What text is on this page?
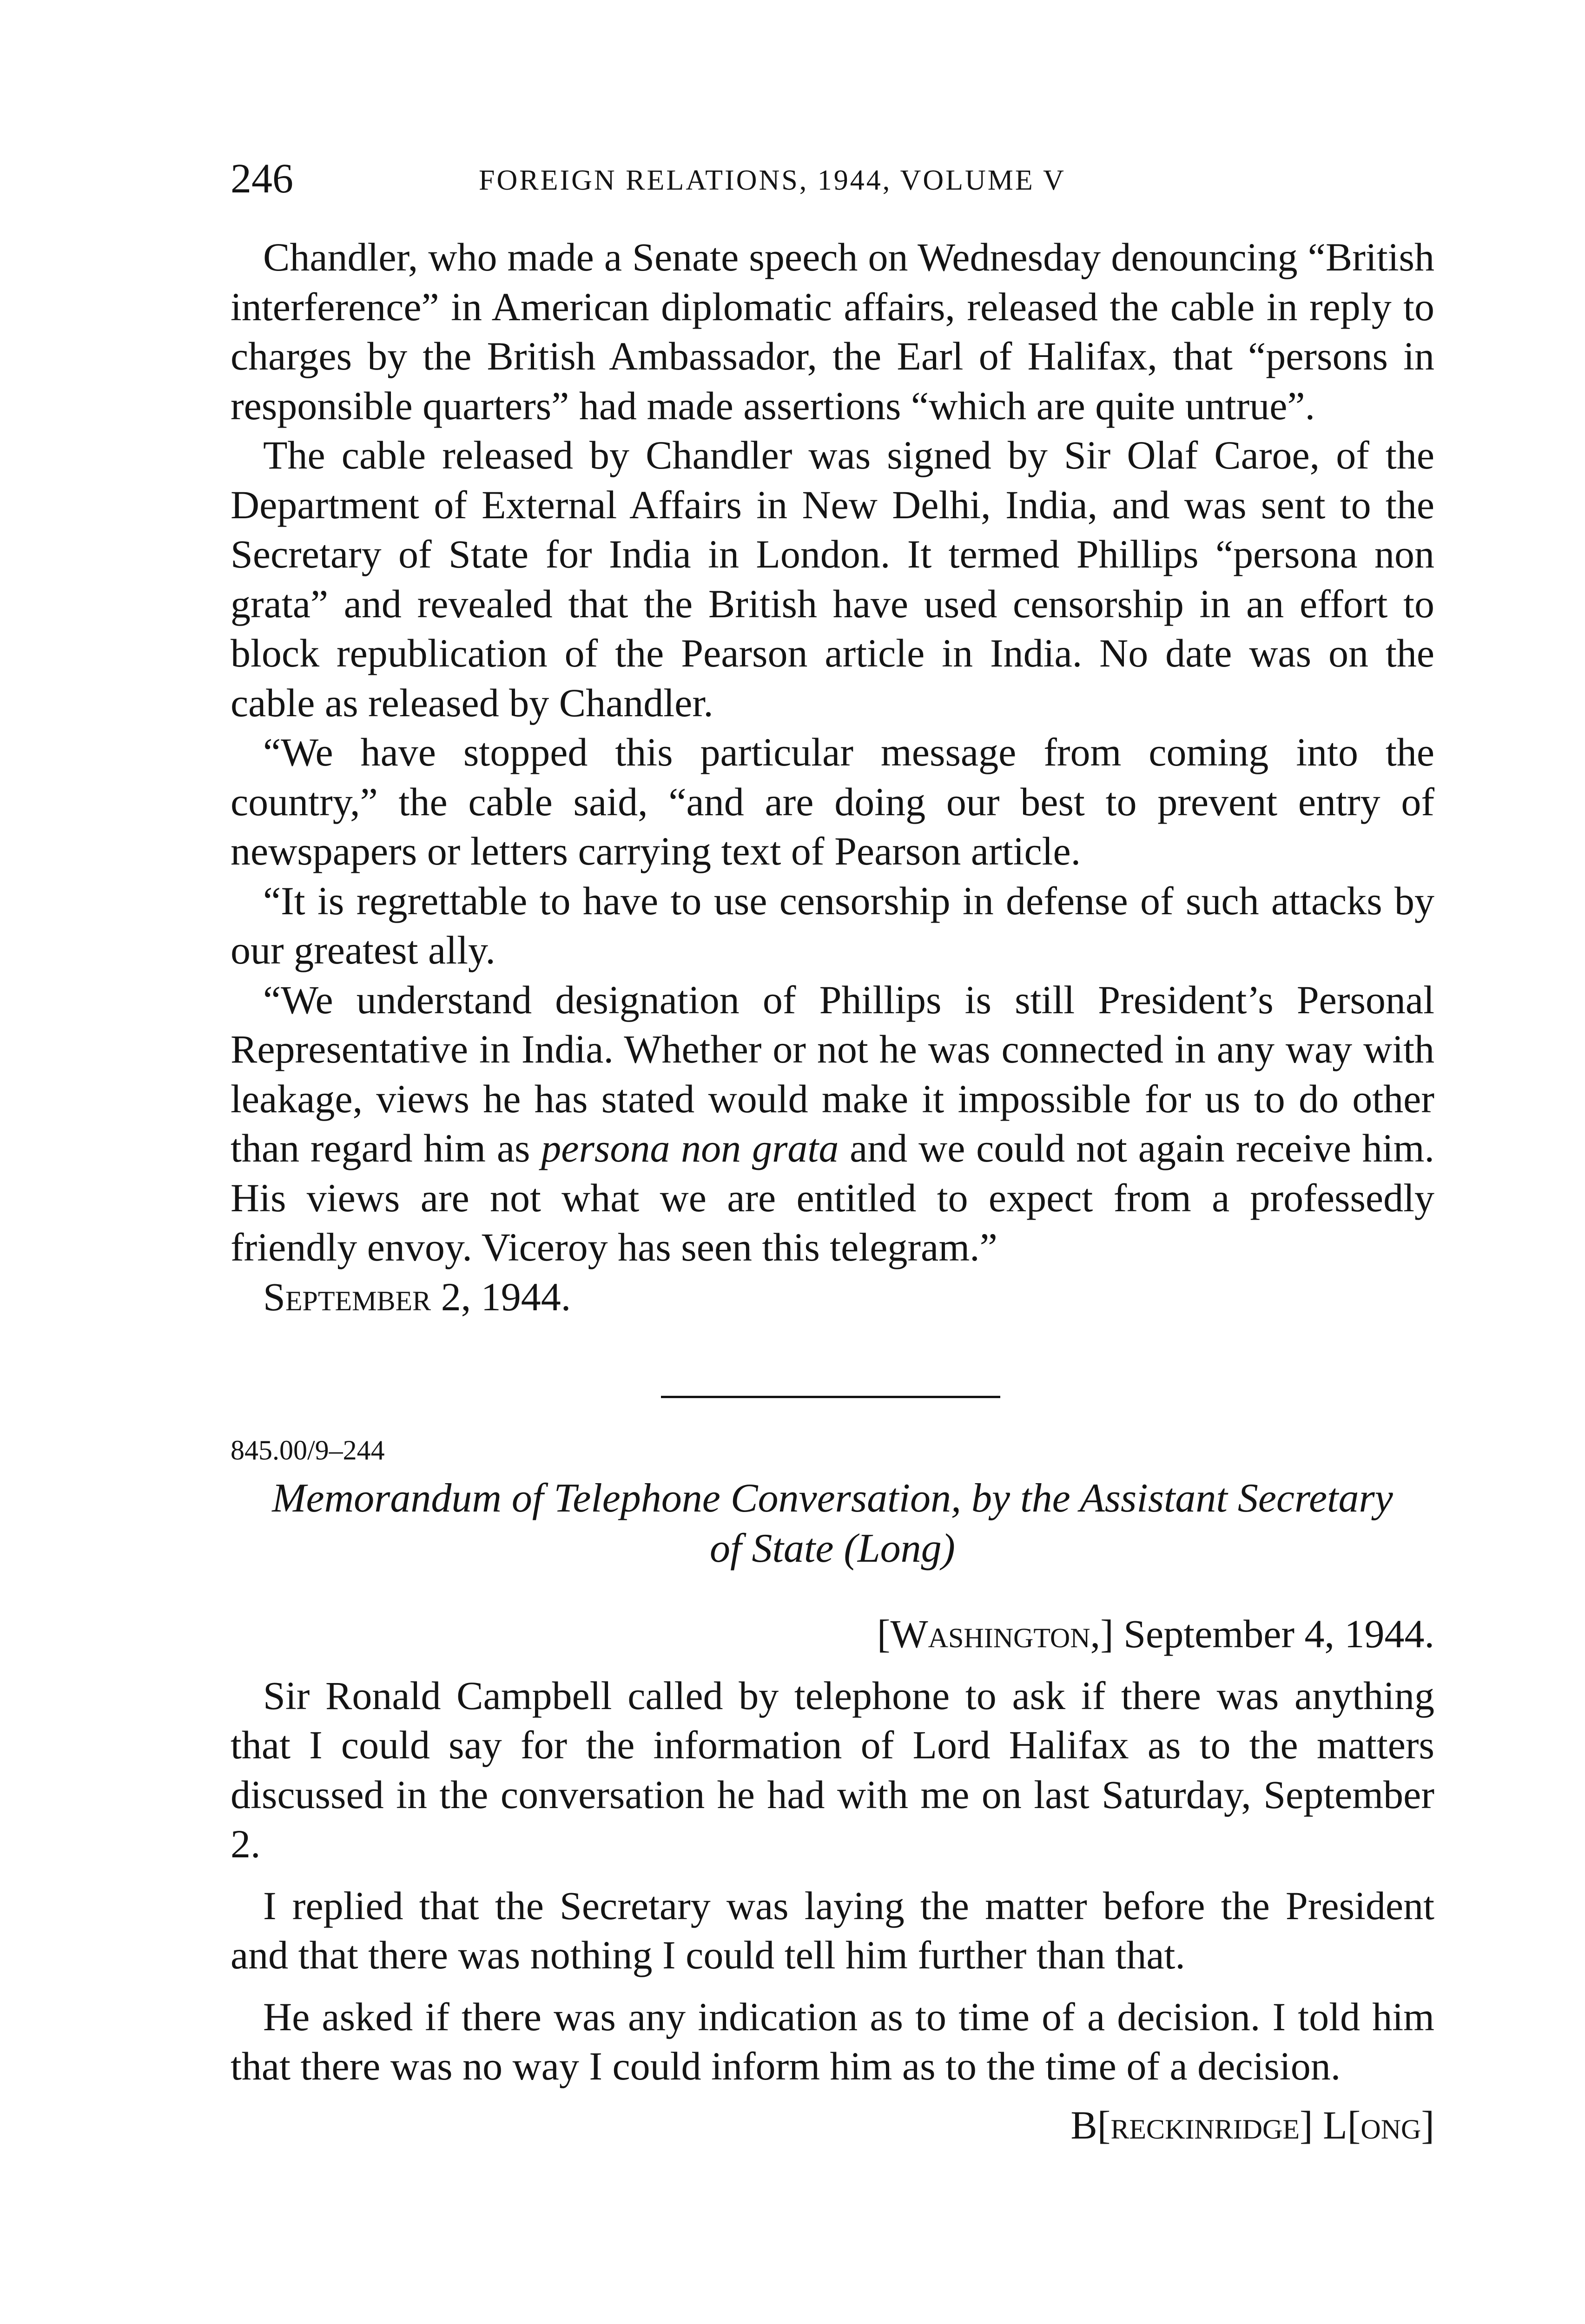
246	FOREIGN RELATIONS, 1944, VOLUME V

Chandler, who made a Senate speech on Wednesday denouncing “British interference” in American diplomatic affairs, released the cable in reply to charges by the British Ambassador, the Earl of Halifax, that “persons in responsible quarters” had made assertions “which are quite untrue”.

The cable released by Chandler was signed by Sir Olaf Caroe, of the Department of External Affairs in New Delhi, India, and was sent to the Secretary of State for India in London. It termed Phillips “persona non grata” and revealed that the British have used censorship in an effort to block republication of the Pearson article in India. No date was on the cable as released by Chandler.

“We have stopped this particular message from coming into the country,” the cable said, “and are doing our best to prevent entry of newspapers or letters carrying text of Pearson article.

“It is regrettable to have to use censorship in defense of such attacks by our greatest ally.

“We understand designation of Phillips is still President’s Personal Representative in India. Whether or not he was connected in any way with leakage, views he has stated would make it impossible for us to do other than regard him as persona non grata and we could not again receive him. His views are not what we are entitled to expect from a professedly friendly envoy. Viceroy has seen this telegram.”

September 2, 1944.

845.00/9–244

Memorandum of Telephone Conversation, by the Assistant Secretary
of State (Long)

[Washington,] September 4, 1944.

Sir Ronald Campbell called by telephone to ask if there was anything that I could say for the information of Lord Halifax as to the matters discussed in the conversation he had with me on last Saturday, September 2.

I replied that the Secretary was laying the matter before the President and that there was nothing I could tell him further than that.

He asked if there was any indication as to time of a decision. I told him that there was no way I could inform him as to the time of a decision.

B[reckinridge] L[ong]
